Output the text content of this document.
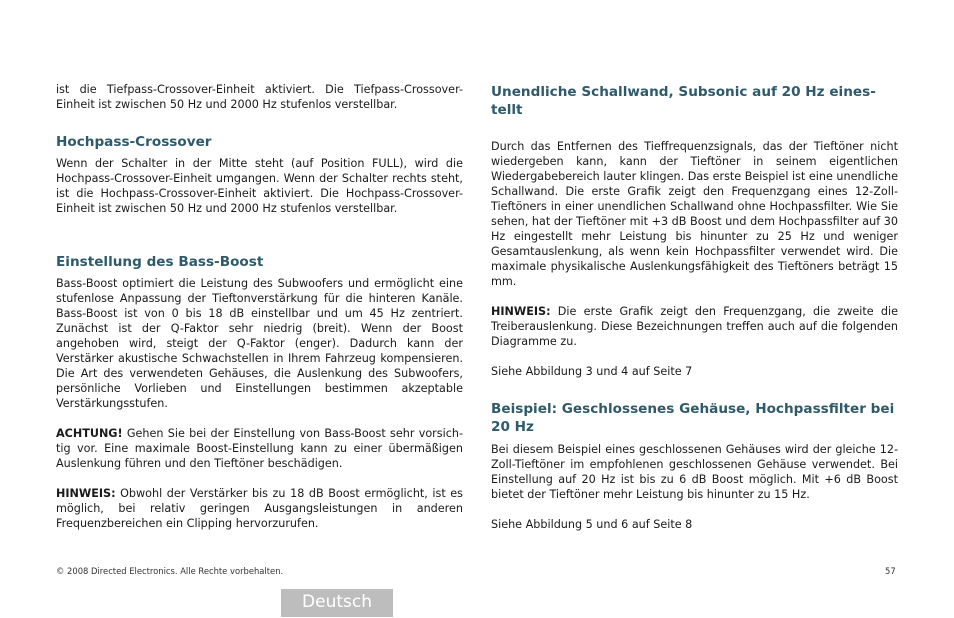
ist die Tiefpass-Crossover-Einheit aktiviert. Die Tiefpass-Crossover-Einheit ist zwischen 50 Hz und 2000 Hz stufenlos verstellbar.

Hochpass-Crossover

Wenn der Schalter in der Mitte steht (auf Position FULL), wird die Hochpass-Crossover-Einheit umgangen. Wenn der Schalter rechts steht, ist die Hochpass-Crossover-Einheit aktiviert. Die Hochpass-Crossover-Einheit ist zwischen 50 Hz und 2000 Hz stufenlos verstellbar.

Einstellung des Bass-Boost

Bass-Boost optimiert die Leistung des Subwoofers und ermöglicht eine stufenlose Anpassung der Tieftonverstärkung für die hinteren Kanäle. Bass-Boost ist von 0 bis 18 dB einstellbar und um 45 Hz zentriert. Zunächst ist der Q-Faktor sehr niedrig (breit). Wenn der Boost angehoben wird, steigt der Q-Faktor (enger). Dadurch kann der Verstärker akustische Schwachstellen in Ihrem Fahrzeug kompensieren. Die Art des verwendeten Gehäuses, die Auslenkung des Subwoofers, persönliche Vorlieben und Einstellungen bestimmen akzeptable Verstärkungsstufen.

ACHTUNG! Gehen Sie bei der Einstellung von Bass-Boost sehr vorsichtig vor. Eine maximale Boost-Einstellung kann zu einer übermäßigen Auslenkung führen und den Tieftöner beschädigen.

HINWEIS: Obwohl der Verstärker bis zu 18 dB Boost ermöglicht, ist es möglich, bei relativ geringen Ausgangsleistungen in anderen Frequenzbereichen ein Clipping hervorzurufen.

Unendliche Schallwand, Subsonic auf 20 Hz einestellt

Durch das Entfernen des Tieffrequenzsignals, das der Tieftöner nicht wiedergeben kann, kann der Tieftöner in seinem eigentlichen Wiedergabebereich lauter klingen. Das erste Beispiel ist eine unendliche Schallwand. Die erste Grafik zeigt den Frequenzgang eines 12-Zoll-Tieftöners in einer unendlichen Schallwand ohne Hochpassfilter. Wie Sie sehen, hat der Tieftöner mit +3 dB Boost und dem Hochpassfilter auf 30 Hz eingestellt mehr Leistung bis hinunter zu 25 Hz und weniger Gesamtauslenkung, als wenn kein Hochpassfilter verwendet wird. Die maximale physikalische Auslenkungsfähigkeit des Tieftöners beträgt 15 mm.

HINWEIS: Die erste Grafik zeigt den Frequenzgang, die zweite die Treiberauslenkung. Diese Bezeichnungen treffen auch auf die folgenden Diagramme zu.

Siehe Abbildung 3 und 4 auf Seite 7

Beispiel: Geschlossenes Gehäuse, Hochpassfilter bei 20 Hz

Bei diesem Beispiel eines geschlossenen Gehäuses wird der gleiche 12-Zoll-Tieftöner im empfohlenen geschlossenen Gehäuse verwendet. Bei Einstellung auf 20 Hz ist bis zu 6 dB Boost möglich. Mit +6 dB Boost bietet der Tieftöner mehr Leistung bis hinunter zu 15 Hz.

Siehe Abbildung 5 und 6 auf Seite 8

© 2008 Directed Electronics. Alle Rechte vorbehalten.	57
Deutsch
